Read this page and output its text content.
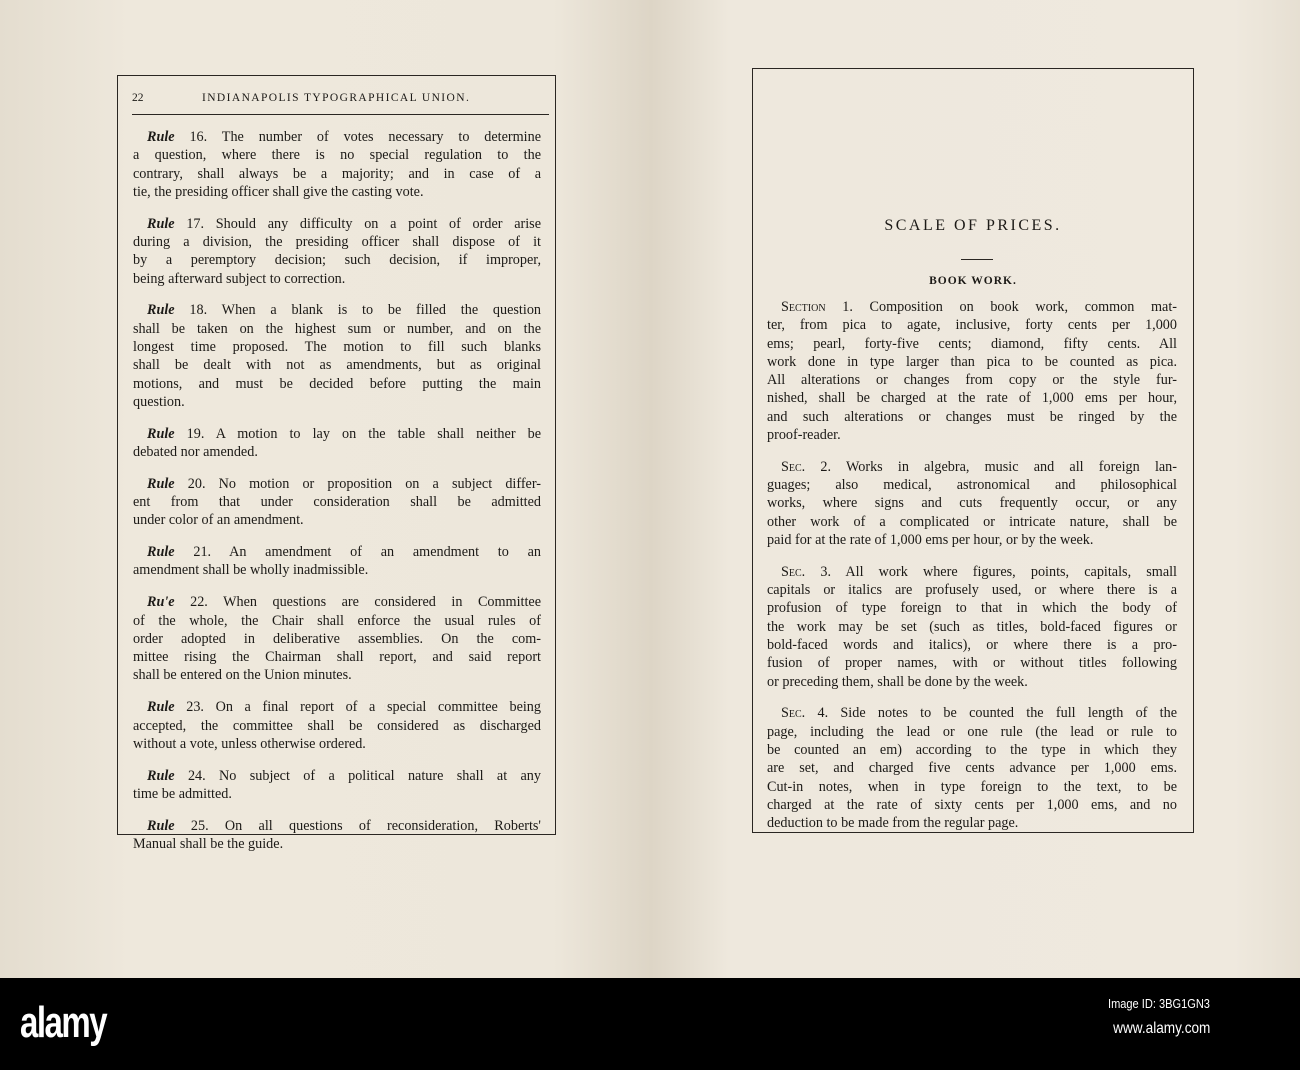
22	INDIANAPOLIS TYPOGRAPHICAL UNION.
Rule 16. The number of votes necessary to determine
a question, where there is no special regulation to the
contrary, shall always be a majority; and in case of a
tie, the presiding officer shall give the casting vote.
Rule 17. Should any difficulty on a point of order arise
during a division, the presiding officer shall dispose of it
by a peremptory decision; such decision, if improper,
being afterward subject to correction.
Rule 18. When a blank is to be filled the question
shall be taken on the highest sum or number, and on the
longest time proposed. The motion to fill such blanks
shall be dealt with not as amendments, but as original
motions, and must be decided before putting the main
question.
Rule 19. A motion to lay on the table shall neither be
debated nor amended.
Rule 20. No motion or proposition on a subject differ-
ent from that under consideration shall be admitted
under color of an amendment.
Rule 21. An amendment of an amendment to an
amendment shall be wholly inadmissible.
Ru'e 22. When questions are considered in Committee
of the whole, the Chair shall enforce the usual rules of
order adopted in deliberative assemblies. On the com-
mittee rising the Chairman shall report, and said report
shall be entered on the Union minutes.
Rule 23. On a final report of a special committee being
accepted, the committee shall be considered as discharged
without a vote, unless otherwise ordered.
Rule 24. No subject of a political nature shall at any
time be admitted.
Rule 25. On all questions of reconsideration, Roberts'
Manual shall be the guide.
SCALE OF PRICES.
BOOK WORK.
Section 1. Composition on book work, common mat-
ter, from pica to agate, inclusive, forty cents per 1,000
ems; pearl, forty-five cents; diamond, fifty cents. All
work done in type larger than pica to be counted as pica.
All alterations or changes from copy or the style fur-
nished, shall be charged at the rate of 1,000 ems per hour,
and such alterations or changes must be ringed by the
proof-reader.
Sec. 2. Works in algebra, music and all foreign lan-
guages; also medical, astronomical and philosophical
works, where signs and cuts frequently occur, or any
other work of a complicated or intricate nature, shall be
paid for at the rate of 1,000 ems per hour, or by the week.
Sec. 3. All work where figures, points, capitals, small
capitals or italics are profusely used, or where there is a
profusion of type foreign to that in which the body of
the work may be set (such as titles, bold-faced figures or
bold-faced words and italics), or where there is a pro-
fusion of proper names, with or without titles following
or preceding them, shall be done by the week.
Sec. 4. Side notes to be counted the full length of the
page, including the lead or one rule (the lead or rule to
be counted an em) according to the type in which they
are set, and charged five cents advance per 1,000 ems.
Cut-in notes, when in type foreign to the text, to be
charged at the rate of sixty cents per 1,000 ems, and no
deduction to be made from the regular page.
alamy	Image ID: 3BG1GN3
www.alamy.com
